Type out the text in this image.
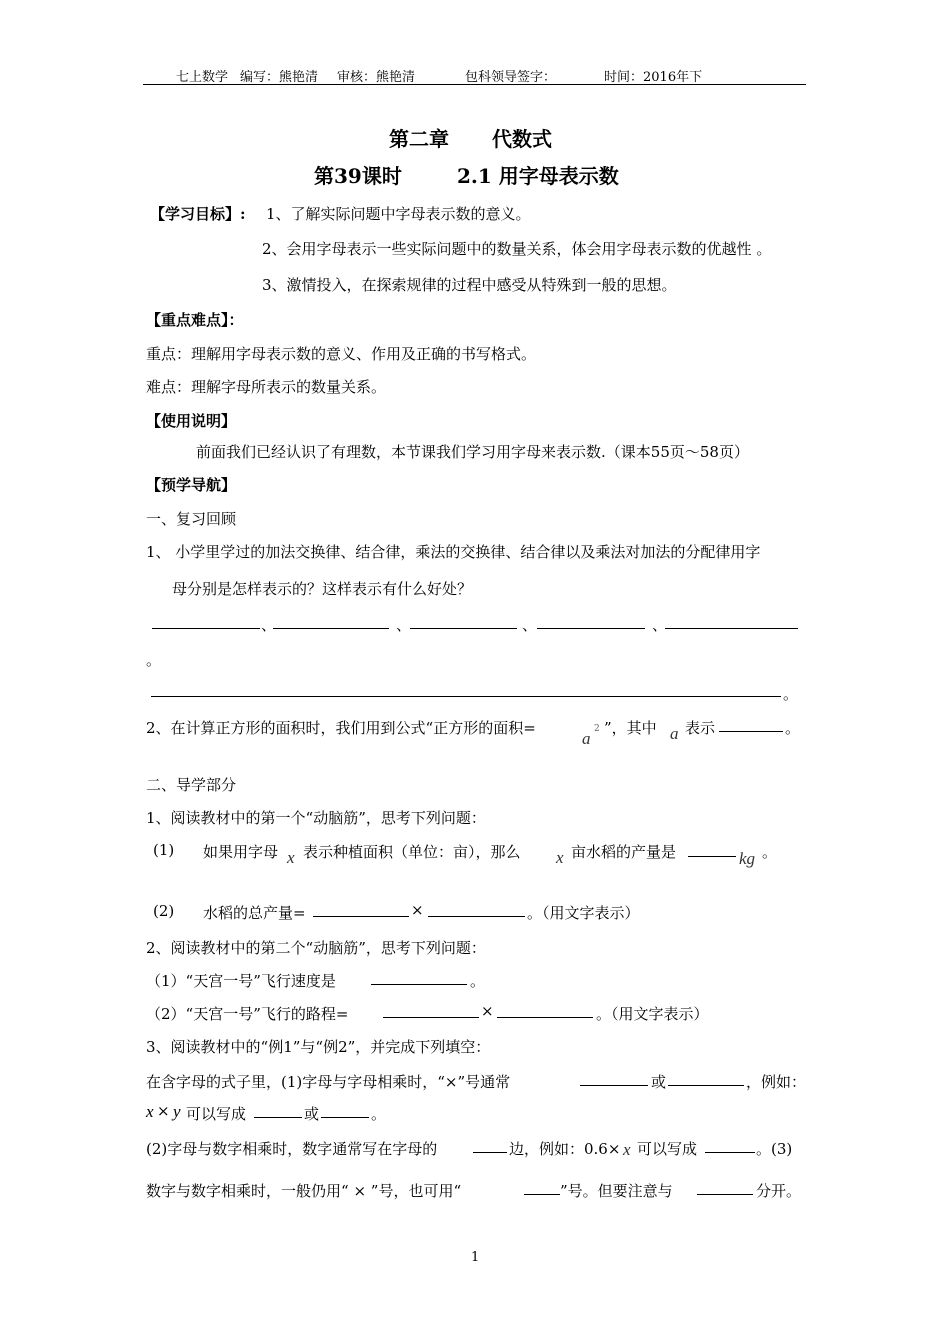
七上数学 编写：熊艳清 审核：熊艳清	包科领导签字：	时间：2016年下
第二章 代数式
第39课时	2.1 用字母表示数
【学习目标】: 1、了解实际问题中字母表示数的意义。
2、会用字母表示一些实际问题中的数量关系，体会用字母表示数的优越性 。
3、激情投入，在探索规律的过程中感受从特殊到一般的思想。
【重点难点】：
重点：理解用字母表示数的意义、作用及正确的书写格式。
难点：理解字母所表示的数量关系。
【使用说明】
前面我们已经认识了有理数，本节课我们学习用字母来表示数.（课本55页～58页）
【预学导航】
一、复习回顾
1、 小学里学过的加法交换律、结合律，乘法的交换律、结合律以及乘法对加法的分配律用字
母分别是怎样表示的？这样表示有什么好处？
、	、	、	、
。
。
2、在计算正方形的面积时，我们用到公式“正方形的面积=
a 2 ”，其中 a 表示	。
二、导学部分
1、阅读教材中的第一个“动脑筋”，思考下列问题：
(1) 如果用字母 x 表示种植面积（单位：亩），那么 x 亩水稻的产量是	kg 。
(2) 水稻的总产量=	×	。（用文字表示）
2、阅读教材中的第二个“动脑筋”，思考下列问题：
（1）“天宫一号”飞行速度是	。
（2）“天宫一号”飞行的路程=	×	。（用文字表示）
3、阅读教材中的“例1”与“例2”，并完成下列填空：
在含字母的式子里，(1)字母与字母相乘时，“×”号通常	或	，例如：
x × y 可以写成	或	。
(2)字母与数字相乘时，数字通常写在字母的	边，例如：0.6× x 可以写成	。(3)
数字与数字相乘时，一般仍用“ × ”号，也可用“	”号。但要注意与	分开。
1
